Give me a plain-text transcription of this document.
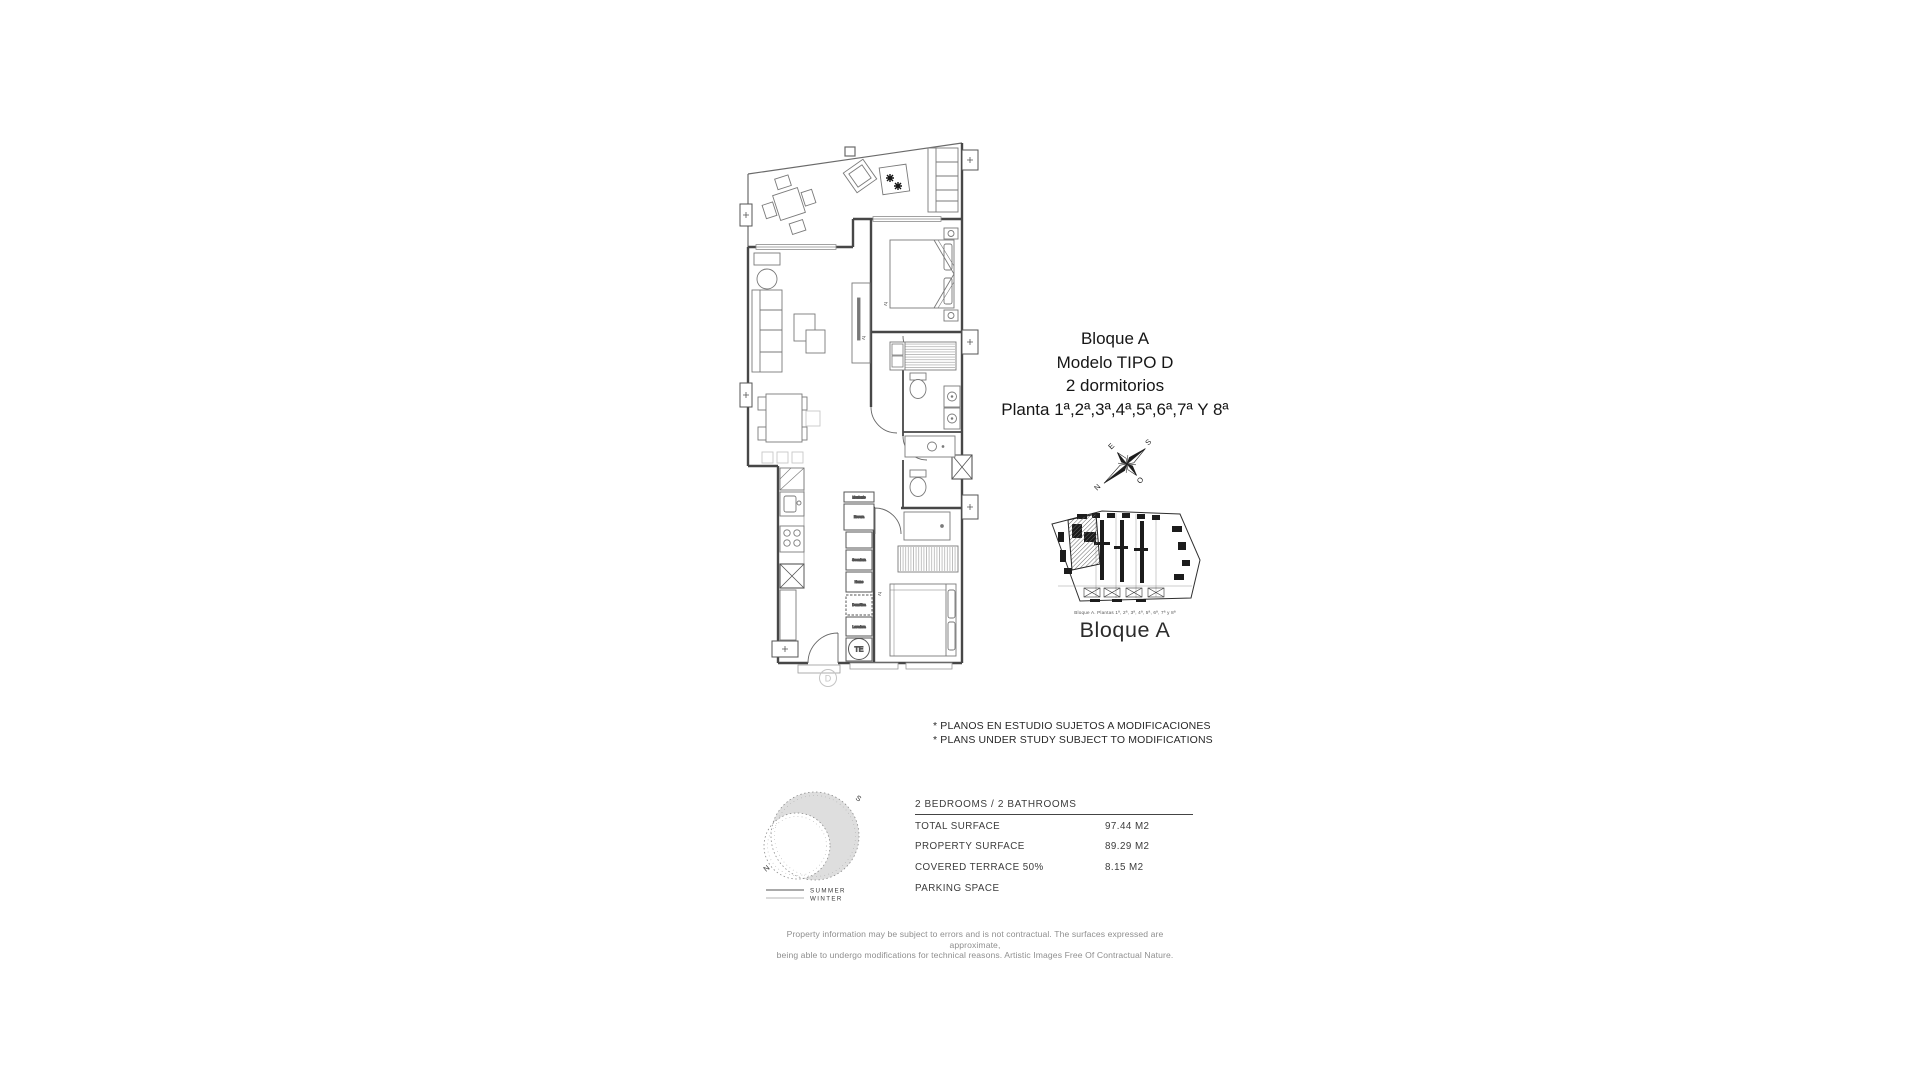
Montante
Nevera
Secadora
Horno
Domótica
Lavadora
TE
tv
tv
tv
D
Bloque A
Modelo TIPO D
2 dormitorios
Planta 1ª,2ª,3ª,4ª,5ª,6ª,7ª Y 8ª
E	S
O
N
Bloque A. Plantas 1ª, 2ª, 3ª, 4ª, 5ª, 6ª, 7ª y 8ª
Bloque A
* PLANOS EN ESTUDIO SUJETOS A MODIFICACIONES
* PLANS UNDER STUDY SUBJECT TO MODIFICATIONS
S
N
SUMMER
WINTER
2 BEDROOMS / 2 BATHROOMS
TOTAL SURFACE	97.44 M2
PROPERTY SURFACE	89.29 M2
COVERED TERRACE 50%	8.15 M2
PARKING SPACE
Property information may be subject to errors and is not contractual. The surfaces expressed are approximate,
being able to undergo modifications for technical reasons. Artistic Images Free Of Contractual Nature.
